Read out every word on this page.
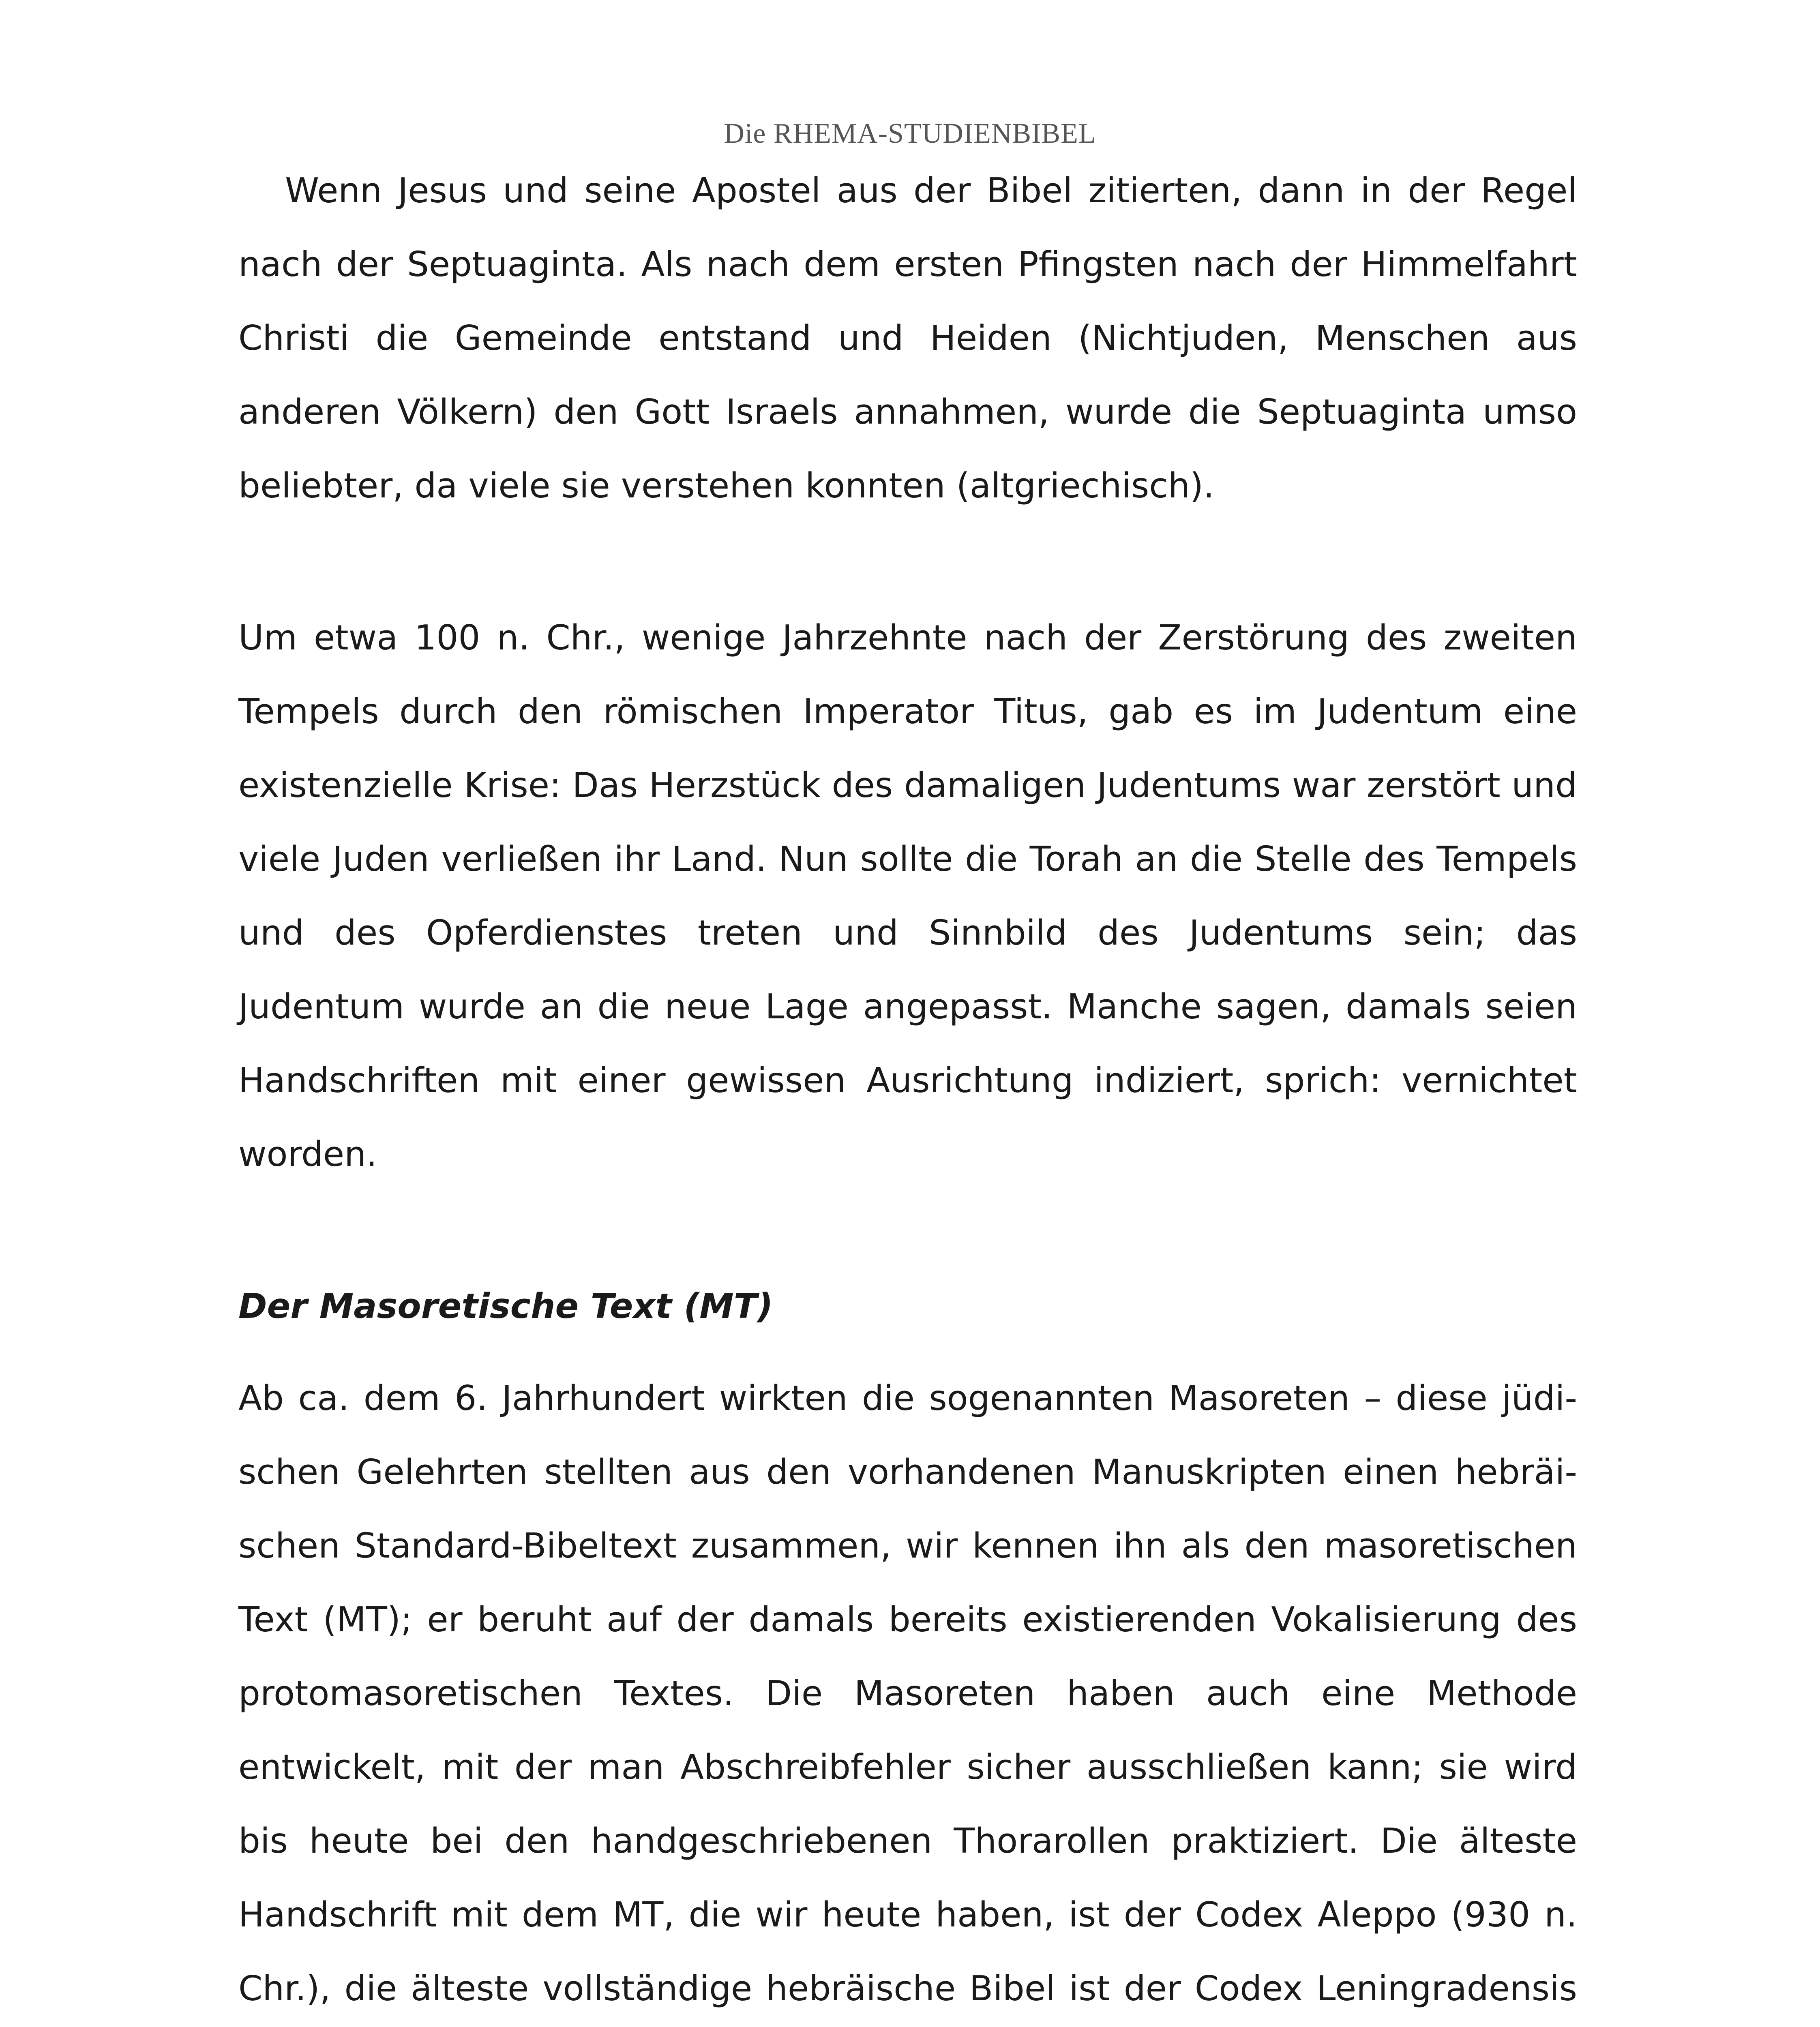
Die RHEMA-STUDIENBIBEL

Wenn Jesus und seine Apostel aus der Bibel zitierten, dann in der Regel nach der Septuaginta. Als nach dem ersten Pfingsten nach der Himmelfahrt Christi die Gemeinde entstand und Heiden (Nichtjuden, Menschen aus anderen Völkern) den Gott Israels annahmen, wurde die Septuaginta umso beliebter, da viele sie verstehen konnten (altgriechisch).

Um etwa 100 n. Chr., wenige Jahrzehnte nach der Zerstörung des zweiten Tempels durch den römischen Imperator Titus, gab es im Judentum eine existenzielle Krise: Das Herzstück des damaligen Judentums war zerstört und viele Juden verließen ihr Land. Nun sollte die Torah an die Stelle des Tempels und des Opferdienstes treten und Sinnbild des Judentums sein; das Judentum wurde an die neue Lage angepasst. Manche sagen, damals seien Handschriften mit einer gewissen Ausrichtung indiziert, sprich: vernichtet worden.

Der Masoretische Text (MT)

Ab ca. dem 6. Jahrhundert wirkten die sogenannten Masoreten – diese jüdischen Gelehrten stellten aus den vorhandenen Manuskripten einen hebräischen Standard-Bibeltext zusammen, wir kennen ihn als den masoretischen Text (MT); er beruht auf der damals bereits existierenden Vokalisierung des protomasoretischen Textes. Die Masoreten haben auch eine Methode entwickelt, mit der man Abschreibfehler sicher ausschließen kann; sie wird bis heute bei den handgeschriebenen Thorarollen praktiziert. Die älteste Handschrift mit dem MT, die wir heute haben, ist der Codex Aleppo (930 n. Chr.), die älteste vollständige hebräische Bibel ist der Codex Leningradensis
